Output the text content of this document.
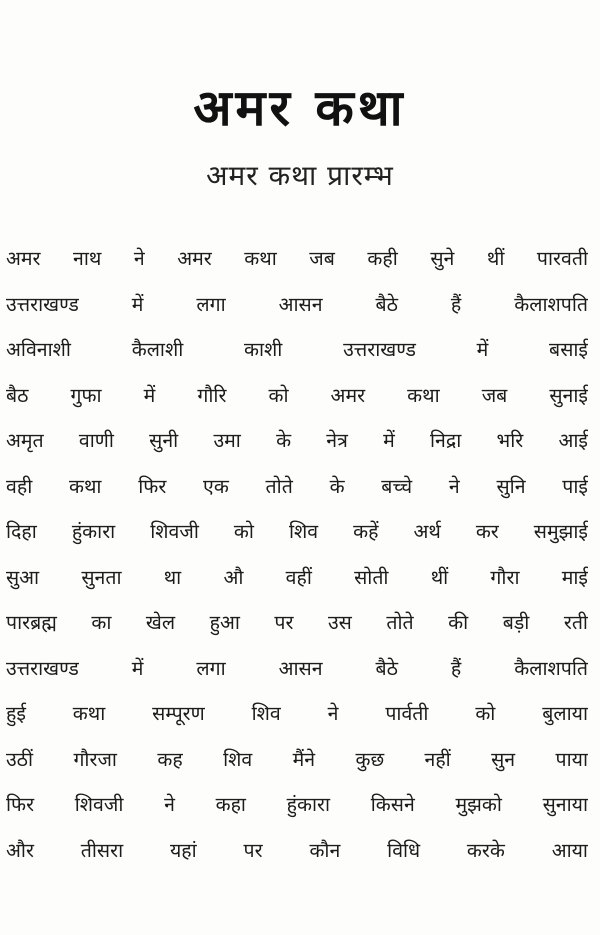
अमर कथा
अमर कथा प्रारम्भ
अमर नाथ ने अमर कथा जब कही सुने थीं पारवती
उत्तराखण्ड में लगा आसन बैठे हैं कैलाशपति
अविनाशी कैलाशी काशी उत्तराखण्ड में बसाई
बैठ गुफा में गौरि को अमर कथा जब सुनाई
अमृत वाणी सुनी उमा के नेत्र में निद्रा भरि आई
वही कथा फिर एक तोते के बच्चे ने सुनि पाई
दिहा हुंकारा शिवजी को शिव कहें अर्थ कर समुझाई
सुआ सुनता था औ वहीं सोती थीं गौरा माई
पारब्रह्म का खेल हुआ पर उस तोते की बड़ी रती
उत्तराखण्ड में लगा आसन बैठे हैं कैलाशपति
हुई कथा सम्पूरण शिव ने पार्वती को बुलाया
उठीं गौरजा कह शिव मैंने कुछ नहीं सुन पाया
फिर शिवजी ने कहा हुंकारा किसने मुझको सुनाया
और तीसरा यहां पर कौन विधि करके आया
